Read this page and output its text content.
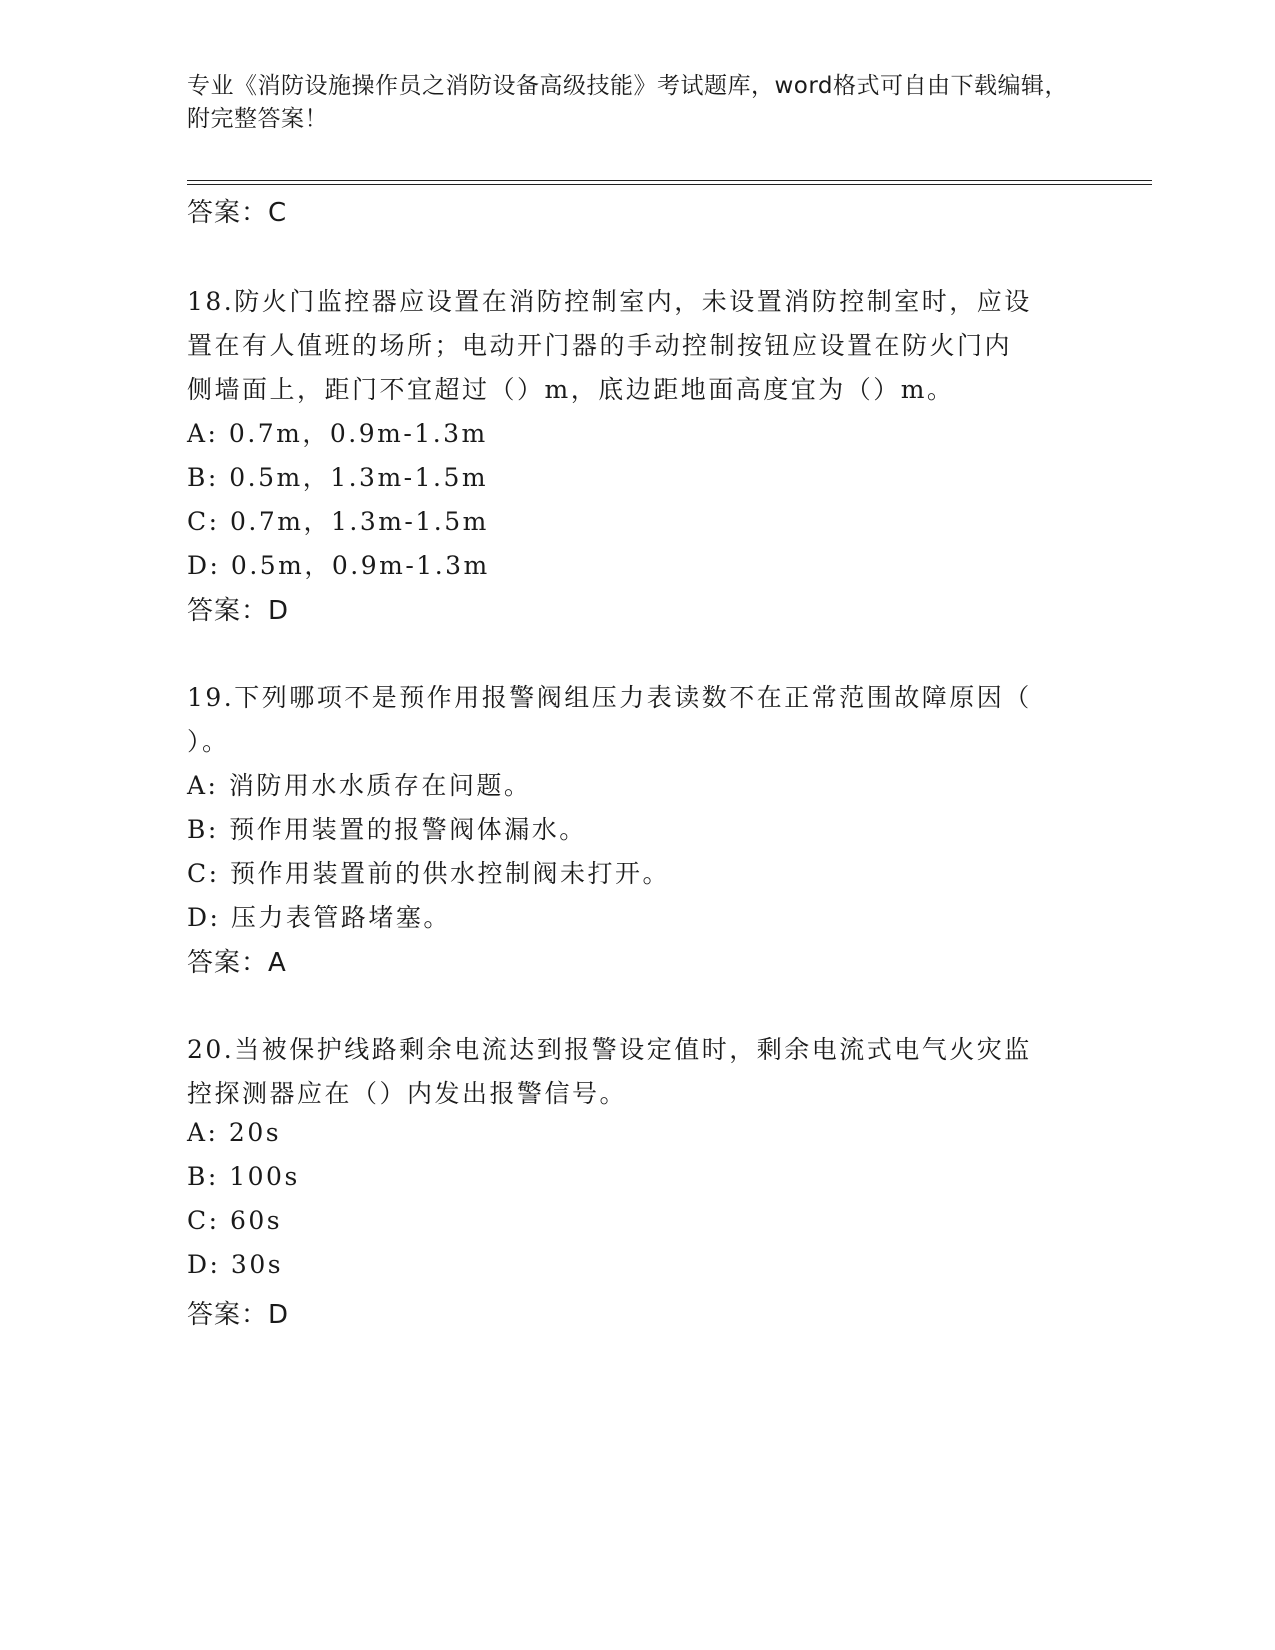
专业《消防设施操作员之消防设备高级技能》考试题库，word格式可自由下载编辑，附完整答案！
答案：C
18.防火门监控器应设置在消防控制室内，未设置消防控制室时，应设
置在有人值班的场所；电动开门器的手动控制按钮应设置在防火门内
侧墙面上，距门不宜超过（）m，底边距地面高度宜为（）m。
A: 0.7m，0.9m-1.3m
B: 0.5m，1.3m-1.5m
C: 0.7m，1.3m-1.5m
D: 0.5m，0.9m-1.3m
答案：D
19.下列哪项不是预作用报警阀组压力表读数不在正常范围故障原因（
）。
A: 消防用水水质存在问题。
B: 预作用装置的报警阀体漏水。
C: 预作用装置前的供水控制阀未打开。
D: 压力表管路堵塞。
答案：A
20.当被保护线路剩余电流达到报警设定值时，剩余电流式电气火灾监
控探测器应在（）内发出报警信号。
A: 20s
B: 100s
C: 60s
D: 30s
答案：D
